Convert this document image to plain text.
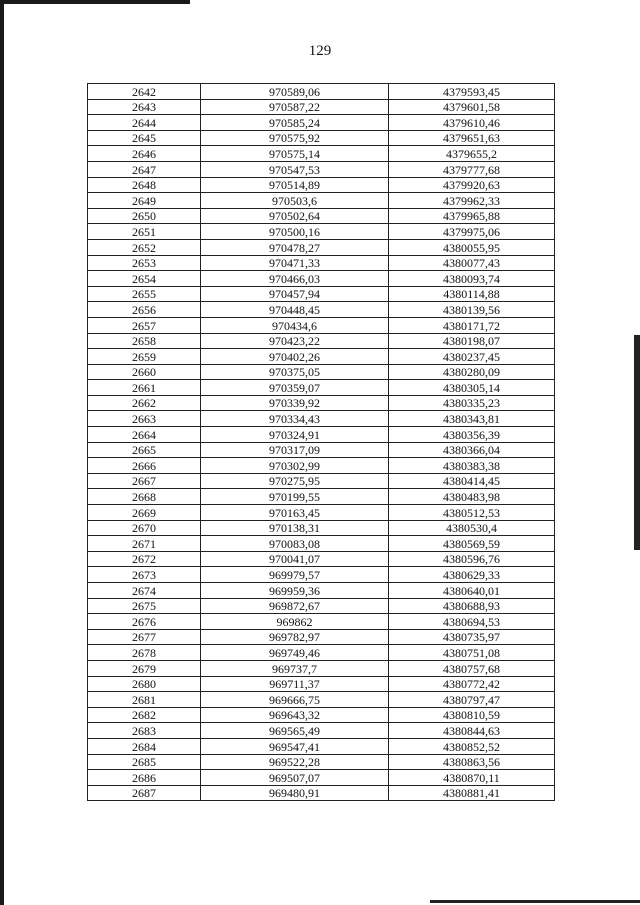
129
2642	970589,06	4379593,45
2643	970587,22	4379601,58
2644	970585,24	4379610,46
2645	970575,92	4379651,63
2646	970575,14	4379655,2
2647	970547,53	4379777,68
2648	970514,89	4379920,63
2649	970503,6	4379962,33
2650	970502,64	4379965,88
2651	970500,16	4379975,06
2652	970478,27	4380055,95
2653	970471,33	4380077,43
2654	970466,03	4380093,74
2655	970457,94	4380114,88
2656	970448,45	4380139,56
2657	970434,6	4380171,72
2658	970423,22	4380198,07
2659	970402,26	4380237,45
2660	970375,05	4380280,09
2661	970359,07	4380305,14
2662	970339,92	4380335,23
2663	970334,43	4380343,81
2664	970324,91	4380356,39
2665	970317,09	4380366,04
2666	970302,99	4380383,38
2667	970275,95	4380414,45
2668	970199,55	4380483,98
2669	970163,45	4380512,53
2670	970138,31	4380530,4
2671	970083,08	4380569,59
2672	970041,07	4380596,76
2673	969979,57	4380629,33
2674	969959,36	4380640,01
2675	969872,67	4380688,93
2676	969862	4380694,53
2677	969782,97	4380735,97
2678	969749,46	4380751,08
2679	969737,7	4380757,68
2680	969711,37	4380772,42
2681	969666,75	4380797,47
2682	969643,32	4380810,59
2683	969565,49	4380844,63
2684	969547,41	4380852,52
2685	969522,28	4380863,56
2686	969507,07	4380870,11
2687	969480,91	4380881,41
